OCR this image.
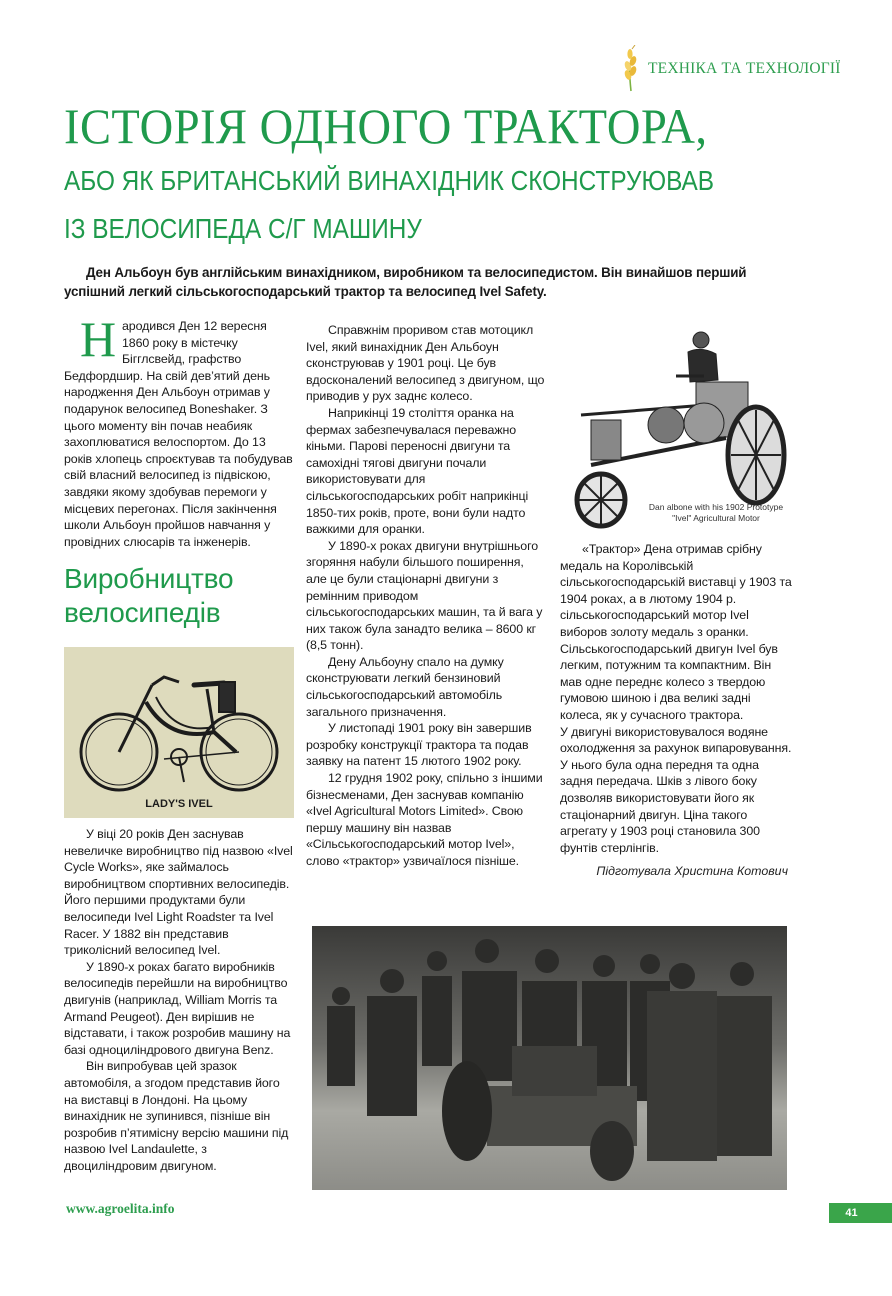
ТЕХНІКА ТА ТЕХНОЛОГІЇ
ІСТОРІЯ ОДНОГО ТРАКТОРА,
АБО ЯК БРИТАНСЬКИЙ ВИНАХІДНИК СКОНСТРУЮВАВ
ІЗ ВЕЛОСИПЕДА С/Г МАШИНУ
Ден Альбоун був англійським винахідником, виробником та велосипедистом. Він винайшов перший успішний легкий сільськогосподарський трактор та велосипед Ivel Safety.
Н ародився Ден 12 вересня 1860 року в містечку Бігглсвейд, графство Бедфордшир. На свій дев’ятий день народження Ден Альбоун отримав у подарунок велосипед Boneshaker. З цього моменту він почав неабияк захоплюватися велоспортом. До 13 років хлопець спроєктував та побудував свій власний велосипед із підвіскою, завдяки якому здобував перемоги у місцевих перегонах. Після закінчення школи Альбоун пройшов навчання у провідних слюсарів та інженерів.

Виробництво велосипедів
LADY'S IVEL

У віці 20 років Ден заснував невеличке виробництво під назвою «Ivel Cycle Works», яке займалось виробництвом спортивних велосипедів. Його першими продуктами були велосипеди Ivel Light Roadster та Ivel Racer. У 1882 він представив триколісний велосипед Ivel.

У 1890-х роках багато виробників велосипедів перейшли на виробництво двигунів (наприклад, William Morris та Armand Peugeot). Ден вирішив не відставати, і також розробив машину на базі одноциліндрового двигуна Benz.

Він випробував цей зразок автомобіля, а згодом представив його на виставці в Лондоні. На цьому винахідник не зупинився, пізніше він розробив п’ятимісну версію машини під назвою Ivel Landaulette, з двоциліндровим двигуном.

Справжнім проривом став мотоцикл Ivel, який винахідник Ден Альбоун сконструював у 1901 році. Це був вдосконалений велосипед з двигуном, що приводив у рух заднє колесо.

Наприкінці 19 століття оранка на фермах забезпечувалася переважно кіньми. Парові переносні двигуни та самохідні тягові двигуни почали використовувати для сільськогосподарських робіт наприкінці 1850-тих років, проте, вони були надто важкими для оранки.

У 1890-х роках двигуни внутрішнього згоряння набули більшого поширення, але це були стаціонарні двигуни з ремінним приводом сільськогосподарських машин, та й вага у них також була занадто велика – 8600 кг (8,5 тонн).

Дену Альбоуну спало на думку сконструювати легкий бензиновий сільськогосподарський автомобіль загального призначення.

У листопаді 1901 року він завершив розробку конструкції трактора та подав заявку на патент 15 лютого 1902 року.

12 грудня 1902 року, спільно з іншими бізнесменами, Ден заснував компанію «Ivel Agricultural Motors Limited». Свою першу машину він назвав «Сільськогосподарський мотор Ivel», слово «трактор» узвичаїлося пізніше.

Dan albone with his 1902 Prototype
"Ivel" Agricultural Motor

«Трактор» Дена отримав срібну медаль на Королівській сільськогосподарській виставці у 1903 та 1904 роках, а в лютому 1904 р. сільськогосподарський мотор Ivel виборов золоту медаль з оранки. Сільськогосподарський двигун Ivel був легким, потужним та компактним. Він мав одне переднє колесо з твердою гумовою шиною і два великі задні колеса, як у сучасного трактора.

У двигуні використовувалося водяне охолодження за рахунок випаровування. У нього була одна передня та одна задня передача. Шків з лівого боку дозволяв використовувати його як стаціонарний двигун. Ціна такого агрегату у 1903 році становила 300 фунтів стерлінгів.

Підготувала Христина Котович
www.agroelita.info	41
